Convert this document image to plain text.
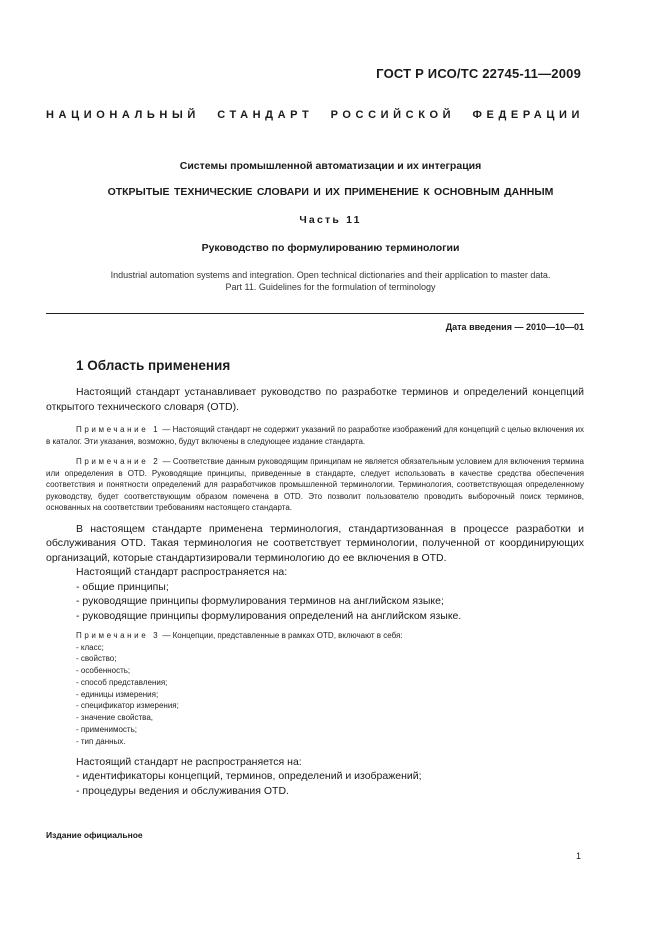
ГОСТ Р ИСО/ТС 22745-11—2009
НАЦИОНАЛЬНЫЙ СТАНДАРТ РОССИЙСКОЙ ФЕДЕРАЦИИ
Системы промышленной автоматизации и их интеграция
ОТКРЫТЫЕ ТЕХНИЧЕСКИЕ СЛОВАРИ И ИХ ПРИМЕНЕНИЕ К ОСНОВНЫМ ДАННЫМ
Часть 11
Руководство по формулированию терминологии
Industrial automation systems and integration. Open technical dictionaries and their application to master data.
Part 11. Guidelines for the formulation of terminology
Дата введения — 2010—10—01
1 Область применения

Настоящий стандарт устанавливает руководство по разработке терминов и определений концепций открытого технического словаря (OTD).

Примечание 1 — Настоящий стандарт не содержит указаний по разработке изображений для концепций с целью включения их в каталог. Эти указания, возможно, будут включены в следующее издание стандарта.

Примечание 2 — Соответствие данным руководящим принципам не является обязательным условием для включения термина или определения в OTD. Руководящие принципы, приведенные в стандарте, следует использовать в качестве средства обеспечения соответствия и понятности определений для разработчиков промышленной терминологии. Терминология, соответствующая определенному руководству, будет соответствующим образом помечена в OTD. Это позволит пользователю проводить выборочный поиск терминов, основанных на соответствии требованиям настоящего стандарта.

В настоящем стандарте применена терминология, стандартизованная в процессе разработки и обслуживания OTD. Такая терминология не соответствует терминологии, полученной от координирующих организаций, которые стандартизировали терминологию до ее включения в OTD.

Настоящий стандарт распространяется на:

- общие принципы;

- руководящие принципы формулирования терминов на английском языке;

- руководящие принципы формулирования определений на английском языке.

Примечание 3 — Концепции, представленные в рамках OTD, включают в себя:

- класс;

- свойство;

- особенность;

- способ представления;

- единицы измерения;

- спецификатор измерения;

- значение свойства,

- применимость;

- тип данных.

Настоящий стандарт не распространяется на:

- идентификаторы концепций, терминов, определений и изображений;

- процедуры ведения и обслуживания OTD.

Издание официальное
1
